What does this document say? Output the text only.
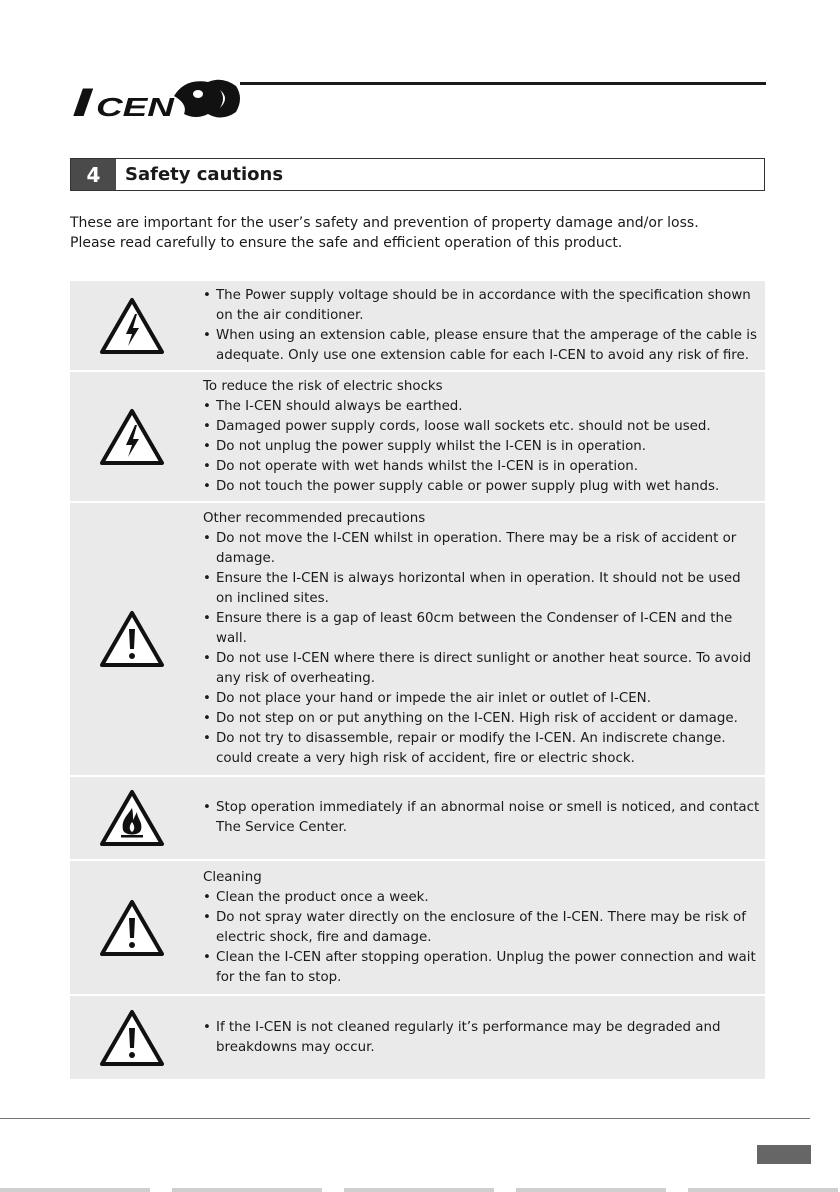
I CEN
4	Safety cautions

These are important for the user’s safety and prevention of property damage and/or loss.

Please read carefully to ensure the safe and efficient operation of this product.

• The Power supply voltage should be in accordance with the specification shown on the air conditioner.
• When using an extension cable, please ensure that the amperage of the cable is adequate. Only use one extension cable for each I-CEN to avoid any risk of fire.
To reduce the risk of electric shocks
• The I-CEN should always be earthed.
• Damaged power supply cords, loose wall sockets etc. should not be used.
• Do not unplug the power supply whilst the I-CEN is in operation.
• Do not operate with wet hands whilst the I-CEN is in operation.
• Do not touch the power supply cable or power supply plug with wet hands.
Other recommended precautions
• Do not move the I-CEN whilst in operation. There may be a risk of accident or damage.
• Ensure the I-CEN is always horizontal when in operation. It should not be used on inclined sites.
• Ensure there is a gap of least 60cm between the Condenser of I-CEN and the wall.
• Do not use I-CEN where there is direct sunlight or another heat source. To avoid any risk of overheating.
• Do not place your hand or impede the air inlet or outlet of I-CEN.
• Do not step on or put anything on the I-CEN. High risk of accident or damage.
• Do not try to disassemble, repair or modify the I-CEN. An indiscrete change. could create a very high risk of accident, fire or electric shock.
• Stop operation immediately if an abnormal noise or smell is noticed, and contact The Service Center.
Cleaning
• Clean the product once a week.
• Do not spray water directly on the enclosure of the I-CEN. There may be risk of electric shock, fire and damage.
• Clean the I-CEN after stopping operation. Unplug the power connection and wait for the fan to stop.
• If the I-CEN is not cleaned regularly it’s performance may be degraded and breakdowns may occur.
